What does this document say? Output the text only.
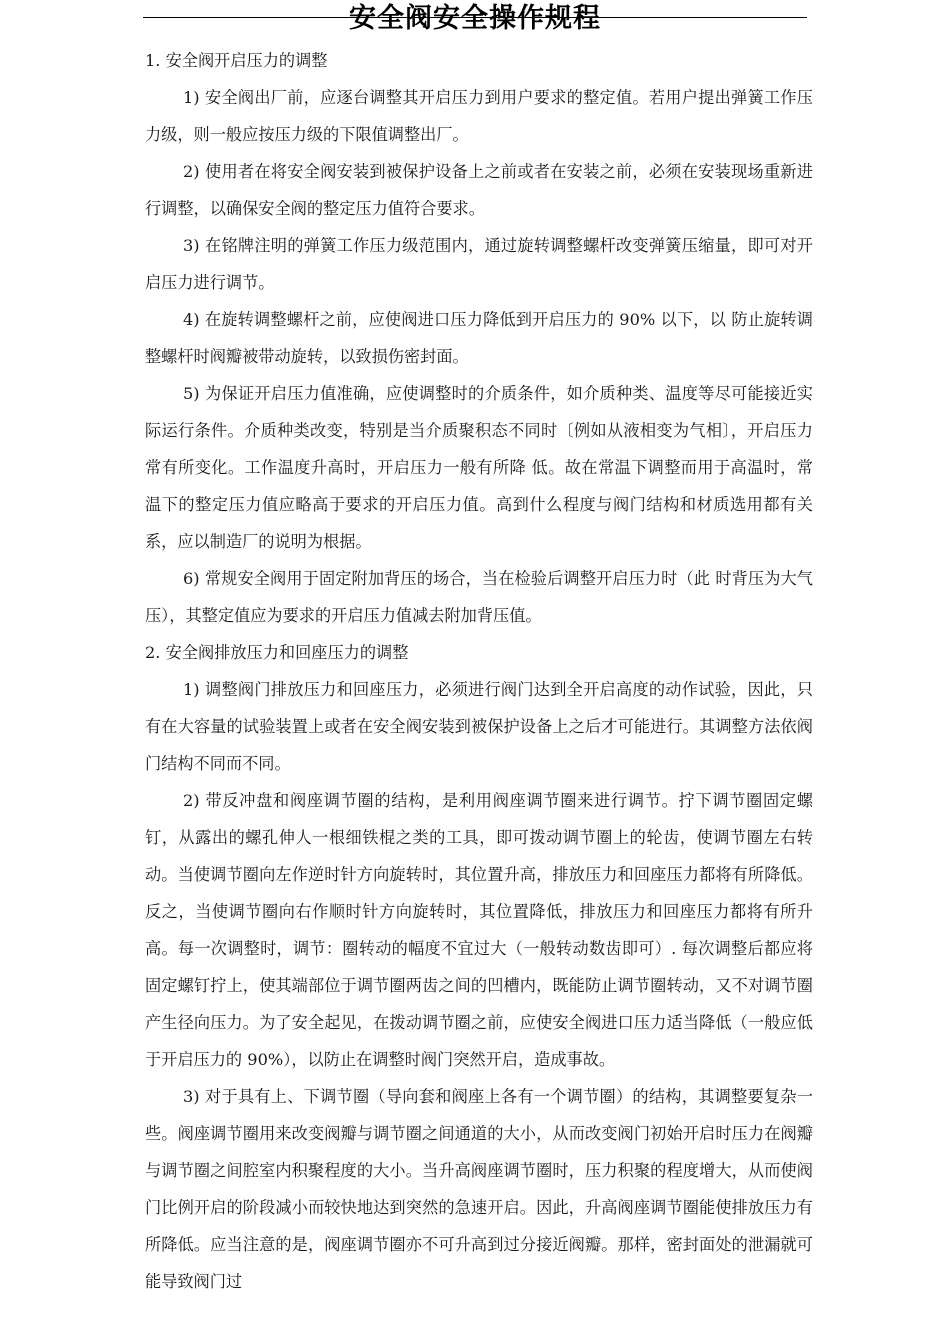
安全阀安全操作规程

1. 安全阀开启压力的调整

1) 安全阀出厂前，应逐台调整其开启压力到用户要求的整定值。若用户提出弹簧工作压力级，则一般应按压力级的下限值调整出厂。

2) 使用者在将安全阀安装到被保护设备上之前或者在安装之前，必须在安装现场重新进行调整，以确保安全阀的整定压力值符合要求。

3) 在铭牌注明的弹簧工作压力级范围内，通过旋转调整螺杆改变弹簧压缩量，即可对开启压力进行调节。

4) 在旋转调整螺杆之前，应使阀进口压力降低到开启压力的 90% 以下，以 防止旋转调整螺杆时阀瓣被带动旋转，以致损伤密封面。

5) 为保证开启压力值准确，应使调整时的介质条件，如介质种类、温度等尽可能接近实际运行条件。介质种类改变，特别是当介质聚积态不同时〔例如从液相变为气相〕，开启压力常有所变化。工作温度升高时，开启压力一般有所降 低。故在常温下调整而用于高温时，常温下的整定压力值应略高于要求的开启压力值。高到什么程度与阀门结构和材质选用都有关系，应以制造厂的说明为根据。

6) 常规安全阀用于固定附加背压的场合，当在检验后调整开启压力时（此 时背压为大气压），其整定值应为要求的开启压力值减去附加背压值。

2. 安全阀排放压力和回座压力的调整

1) 调整阀门排放压力和回座压力，必须进行阀门达到全开启高度的动作试验，因此，只有在大容量的试验装置上或者在安全阀安装到被保护设备上之后才可能进行。其调整方法依阀门结构不同而不同。

2) 带反冲盘和阀座调节圈的结构，是利用阀座调节圈来进行调节。拧下调节圈固定螺钉，从露出的螺孔伸人一根细铁棍之类的工具，即可拨动调节圈上的轮齿，使调节圈左右转动。当使调节圈向左作逆时针方向旋转时，其位置升高，排放压力和回座压力都将有所降低。反之，当使调节圈向右作顺时针方向旋转时，其位置降低，排放压力和回座压力都将有所升高。每一次调整时，调节：圈转动的幅度不宜过大（一般转动数齿即可）. 每次调整后都应将固定螺钉拧上，使其端部位于调节圈两齿之间的凹槽内，既能防止调节圈转动，又不对调节圈产生径向压力。为了安全起见，在拨动调节圈之前，应使安全阀进口压力适当降低（一般应低于开启压力的 90%），以防止在调整时阀门突然开启，造成事故。

3) 对于具有上、下调节圈（导向套和阀座上各有一个调节圈）的结构，其调整要复杂一些。阀座调节圈用来改变阀瓣与调节圈之间通道的大小，从而改变阀门初始开启时压力在阀瓣与调节圈之间腔室内积聚程度的大小。当升高阀座调节圈时，压力积聚的程度增大，从而使阀门比例开启的阶段减小而较快地达到突然的急速开启。因此，升高阀座调节圈能使排放压力有所降低。应当注意的是，阀座调节圈亦不可升高到过分接近阀瓣。那样，密封面处的泄漏就可能导致阀门过
